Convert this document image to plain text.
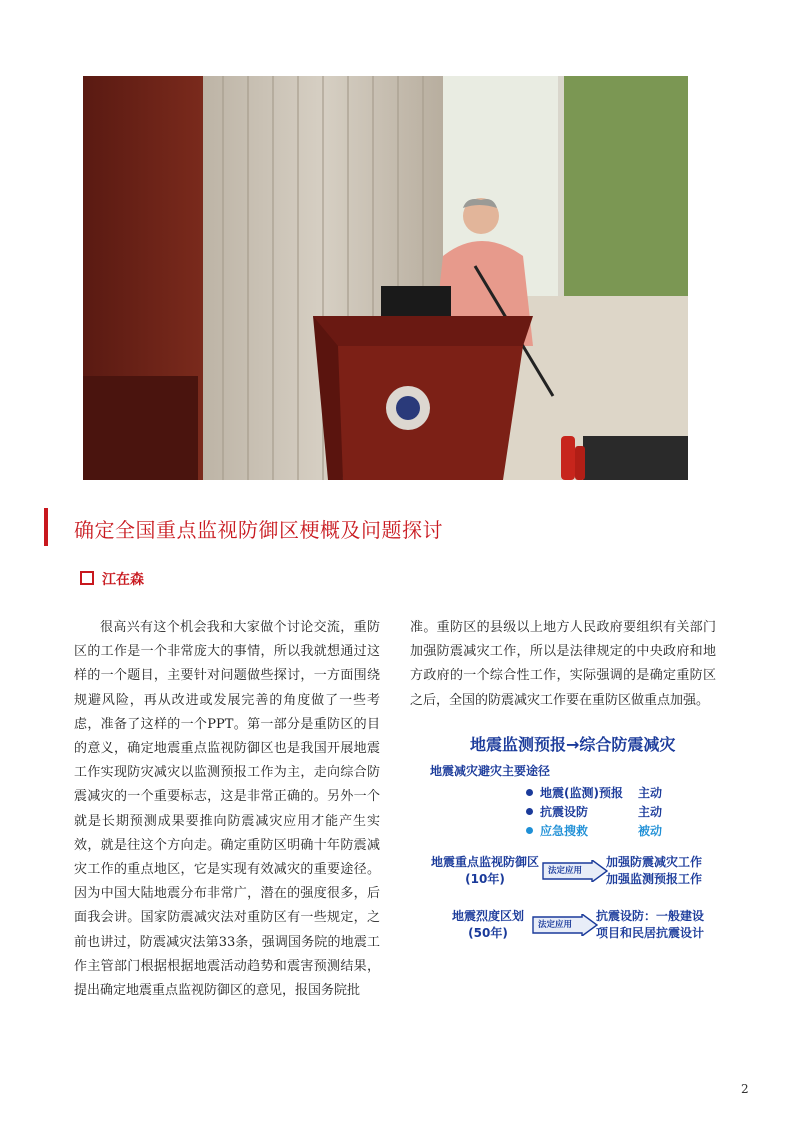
确定全国重点监视防御区梗概及问题探讨
江在森
很高兴有这个机会我和大家做个讨论交流，重防区的工作是一个非常庞大的事情，所以我就想通过这样的一个题目，主要针对问题做些探讨，一方面围绕规避风险，再从改进或发展完善的角度做了一些考虑，准备了这样的一个PPT。第一部分是重防区的目的意义，确定地震重点监视防御区也是我国开展地震工作实现防灾减灾以监测预报工作为主，走向综合防震减灾的一个重要标志，这是非常正确的。另外一个就是长期预测成果要推向防震减灾应用才能产生实效，就是往这个方向走。确定重防区明确十年防震减灾工作的重点地区，它是实现有效减灾的重要途径。因为中国大陆地震分布非常广，潜在的强度很多，后面我会讲。国家防震减灾法对重防区有一些规定，之前也讲过，防震减灾法第33条，强调国务院的地震工作主管部门根据根据地震活动趋势和震害预测结果，提出确定地震重点监视防御区的意见，报国务院批
准。重防区的县级以上地方人民政府要组织有关部门加强防震减灾工作，所以是法律规定的中央政府和地方政府的一个综合性工作，实际强调的是确定重防区之后，全国的防震减灾工作要在重防区做重点加强。
地震监测预报→综合防震减灾
地震减灾避灾主要途径
地震(监测)预报 主动
抗震设防	主动
应急搜救	被动
地震重点监视防御区
(10年)
法定应用
加强防震减灾工作
加强监测预报工作
地震烈度区划
(50年)
法定应用
抗震设防：一般建设
项目和民居抗震设计
2
